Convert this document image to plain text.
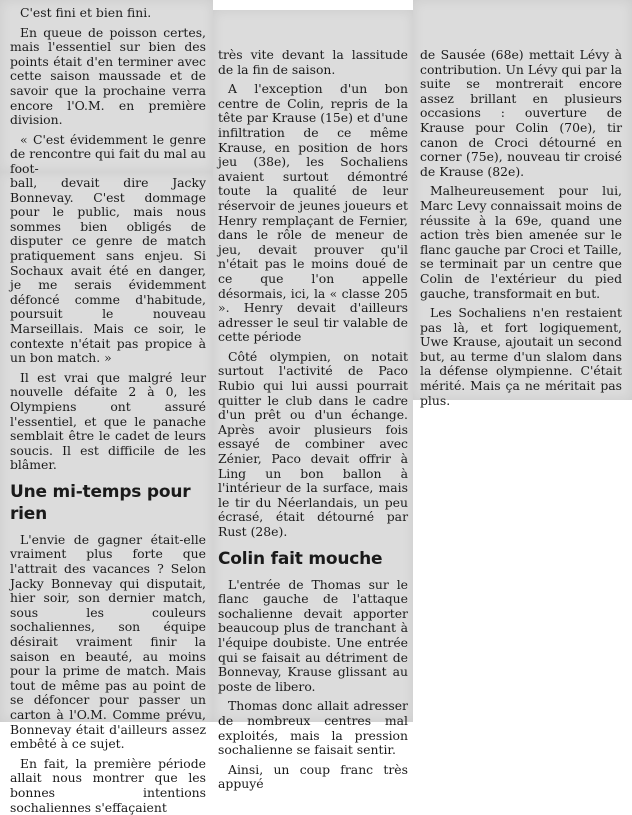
C'est fini et bien fini.

En queue de poisson certes, mais l'essentiel sur bien des points était d'en terminer avec cette saison maussade et de savoir que la prochaine verra encore l'O.M. en première division.

« C'est évidemment le genre de rencontre qui fait du mal au foot-

ball, devait dire Jacky Bonnevay. C'est dommage pour le public, mais nous sommes bien obligés de disputer ce genre de match pratiquement sans enjeu. Si Sochaux avait été en danger, je me serais évidemment défoncé comme d'habitude, poursuit le nouveau Marseillais. Mais ce soir, le contexte n'était pas propice à un bon match. »

Il est vrai que malgré leur nouvelle défaite 2 à 0, les Olympiens ont assuré l'essentiel, et que le panache semblait être le cadet de leurs soucis. Il est difficile de les blâmer.

Une mi-temps pour rien

L'envie de gagner était-elle vraiment plus forte que l'attrait des vacances ? Selon Jacky Bonnevay qui disputait, hier soir, son dernier match, sous les couleurs sochaliennes, son équipe désirait vraiment finir la saison en beauté, au moins pour la prime de match. Mais tout de même pas au point de se défoncer pour passer un carton à l'O.M. Comme prévu, Bonnevay était d'ailleurs assez embêté à ce sujet.

En fait, la première période allait nous montrer que les bonnes intentions sochaliennes s'effaçaient

très vite devant la lassitude de la fin de saison.

A l'exception d'un bon centre de Colin, repris de la tête par Krause (15e) et d'une infiltration de ce même Krause, en position de hors jeu (38e), les Sochaliens avaient surtout démontré toute la qualité de leur réservoir de jeunes joueurs et Henry remplaçant de Fernier, dans le rôle de meneur de jeu, devait prouver qu'il n'était pas le moins doué de ce que l'on appelle désormais, ici, la « classe 205 ». Henry devait d'ailleurs adresser le seul tir valable de cette période

Côté olympien, on notait surtout l'activité de Paco Rubio qui lui aussi pourrait quitter le club dans le cadre d'un prêt ou d'un échange. Après avoir plusieurs fois essayé de combiner avec Zénier, Paco devait offrir à Ling un bon ballon à l'intérieur de la surface, mais le tir du Néerlandais, un peu écrasé, était détourné par Rust (28e).

Colin fait mouche

L'entrée de Thomas sur le flanc gauche de l'attaque sochalienne devait apporter beaucoup plus de tranchant à l'équipe doubiste. Une entrée qui se faisait au détriment de Bonnevay, Krause glissant au poste de libero.

Thomas donc allait adresser de nombreux centres mal exploités, mais la pression sochalienne se faisait sentir.

Ainsi, un coup franc très appuyé

de Sausée (68e) mettait Lévy à contribution. Un Lévy qui par la suite se montrerait encore assez brillant en plusieurs occasions : ouverture de Krause pour Colin (70e), tir canon de Croci détourné en corner (75e), nouveau tir croisé de Krause (82e).

Malheureusement pour lui, Marc Levy connaissait moins de réussite à la 69e, quand une action très bien amenée sur le flanc gauche par Croci et Taille, se terminait par un centre que Colin de l'extérieur du pied gauche, transformait en but.

Les Sochaliens n'en restaient pas là, et fort logiquement, Uwe Krause, ajoutait un second but, au terme d'un slalom dans la défense olympienne. C'était mérité. Mais ça ne méritait pas plus.
